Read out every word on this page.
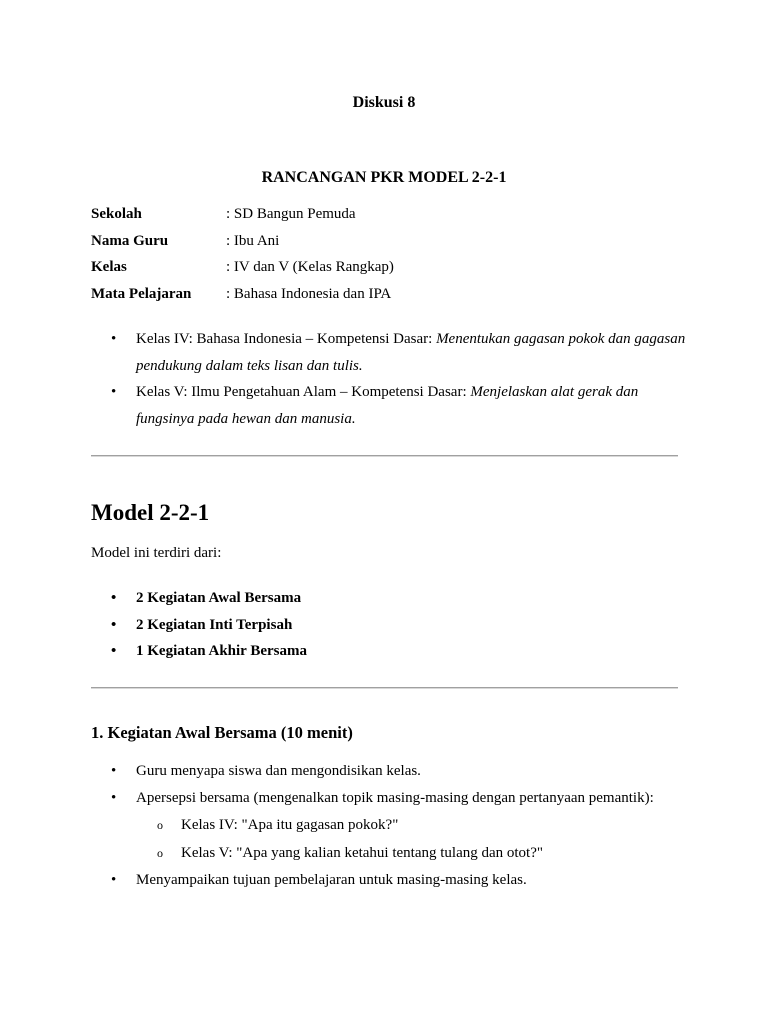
Diskusi 8
RANCANGAN PKR MODEL 2-2-1
Sekolah	: SD Bangun Pemuda
Nama Guru	: Ibu Ani
Kelas	: IV dan V (Kelas Rangkap)
Mata Pelajaran : Bahasa Indonesia dan IPA
• Kelas IV: Bahasa Indonesia – Kompetensi Dasar: Menentukan gagasan pokok dan gagasan pendukung dalam teks lisan dan tulis.
• Kelas V: Ilmu Pengetahuan Alam – Kompetensi Dasar: Menjelaskan alat gerak dan fungsinya pada hewan dan manusia.
Model 2-2-1
Model ini terdiri dari:
• 2 Kegiatan Awal Bersama
• 2 Kegiatan Inti Terpisah
• 1 Kegiatan Akhir Bersama
1. Kegiatan Awal Bersama (10 menit)
• Guru menyapa siswa dan mengondisikan kelas.
• Apersepsi bersama (mengenalkan topik masing-masing dengan pertanyaan pemantik):
o Kelas IV: "Apa itu gagasan pokok?"
o Kelas V: "Apa yang kalian ketahui tentang tulang dan otot?"
• Menyampaikan tujuan pembelajaran untuk masing-masing kelas.
